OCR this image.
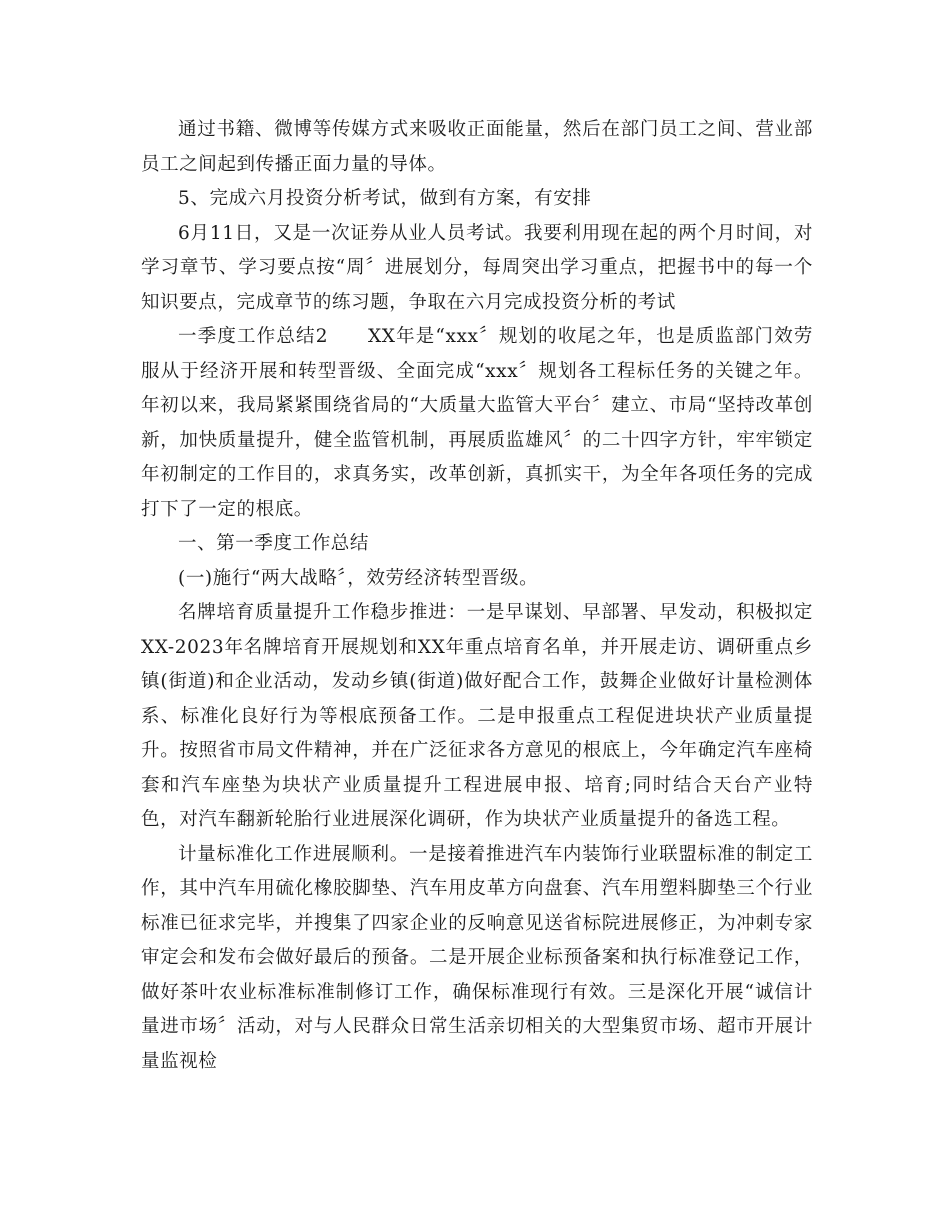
通过书籍、微博等传媒方式来吸收正面能量，然后在部门员工之间、营业部员工之间起到传播正面力量的导体。

5、完成六月投资分析考试，做到有方案，有安排

6月11日，又是一次证券从业人员考试。我要利用现在起的两个月时间，对学习章节、学习要点按“周〞进展划分，每周突出学习重点，把握书中的每一个知识要点，完成章节的练习题，争取在六月完成投资分析的考试

一季度工作总结2　　XX年是“xxx〞规划的收尾之年，也是质监部门效劳服从于经济开展和转型晋级、全面完成“xxx〞规划各工程标任务的关键之年。年初以来，我局紧紧围绕省局的“大质量大监管大平台〞建立、市局“坚持改革创新，加快质量提升，健全监管机制，再展质监雄风〞的二十四字方针，牢牢锁定年初制定的工作目的，求真务实，改革创新，真抓实干，为全年各项任务的完成打下了一定的根底。

一、第一季度工作总结

(一)施行“两大战略〞，效劳经济转型晋级。

名牌培育质量提升工作稳步推进：一是早谋划、早部署、早发动，积极拟定XX-2023年名牌培育开展规划和XX年重点培育名单，并开展走访、调研重点乡镇(街道)和企业活动，发动乡镇(街道)做好配合工作，鼓舞企业做好计量检测体系、标准化良好行为等根底预备工作。二是申报重点工程促进块状产业质量提升。按照省市局文件精神，并在广泛征求各方意见的根底上，今年确定汽车座椅套和汽车座垫为块状产业质量提升工程进展申报、培育;同时结合天台产业特色，对汽车翻新轮胎行业进展深化调研，作为块状产业质量提升的备选工程。

计量标准化工作进展顺利。一是接着推进汽车内装饰行业联盟标准的制定工作，其中汽车用硫化橡胶脚垫、汽车用皮革方向盘套、汽车用塑料脚垫三个行业标准已征求完毕，并搜集了四家企业的反响意见送省标院进展修正，为冲刺专家审定会和发布会做好最后的预备。二是开展企业标预备案和执行标准登记工作，做好茶叶农业标准标准制修订工作，确保标准现行有效。三是深化开展“诚信计量进市场〞活动，对与人民群众日常生活亲切相关的大型集贸市场、超市开展计量监视检
